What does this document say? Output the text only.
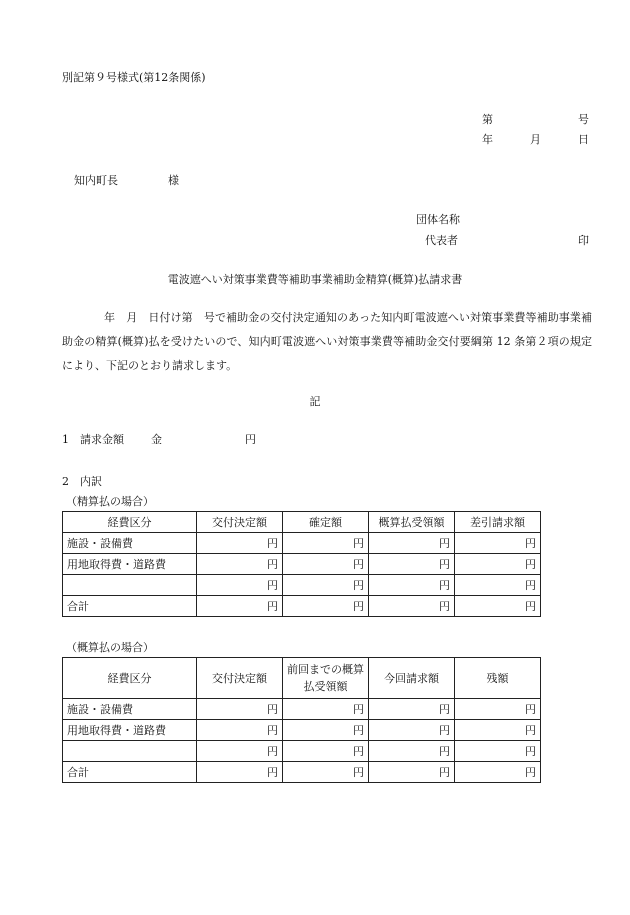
別記第９号様式(第12条関係)
第	号
年	月	日
知内町長	様
団体名称
代表者	印
電波遮へい対策事業費等補助事業補助金精算(概算)払請求書
年　月　日付け第　号で補助金の交付決定通知のあった知内町電波遮へい対策事業費等補助事業補助金の精算(概算)払を受けたいので、知内町電波遮へい対策事業費等補助金交付要綱第 12 条第２項の規定により、下記のとおり請求します。
記
1　請求金額 金	円
2　内訳
（精算払の場合）
経費区分	交付決定額	確定額	概算払受領額	差引請求額
施設・設備費	円	円	円	円
用地取得費・道路費	円	円	円	円
	円	円	円	円
合計	円	円	円	円
（概算払の場合）
経費区分	交付決定額	前回までの概算払受領額	今回請求額	残額
施設・設備費	円	円	円	円
用地取得費・道路費	円	円	円	円
	円	円	円	円
合計	円	円	円	円
